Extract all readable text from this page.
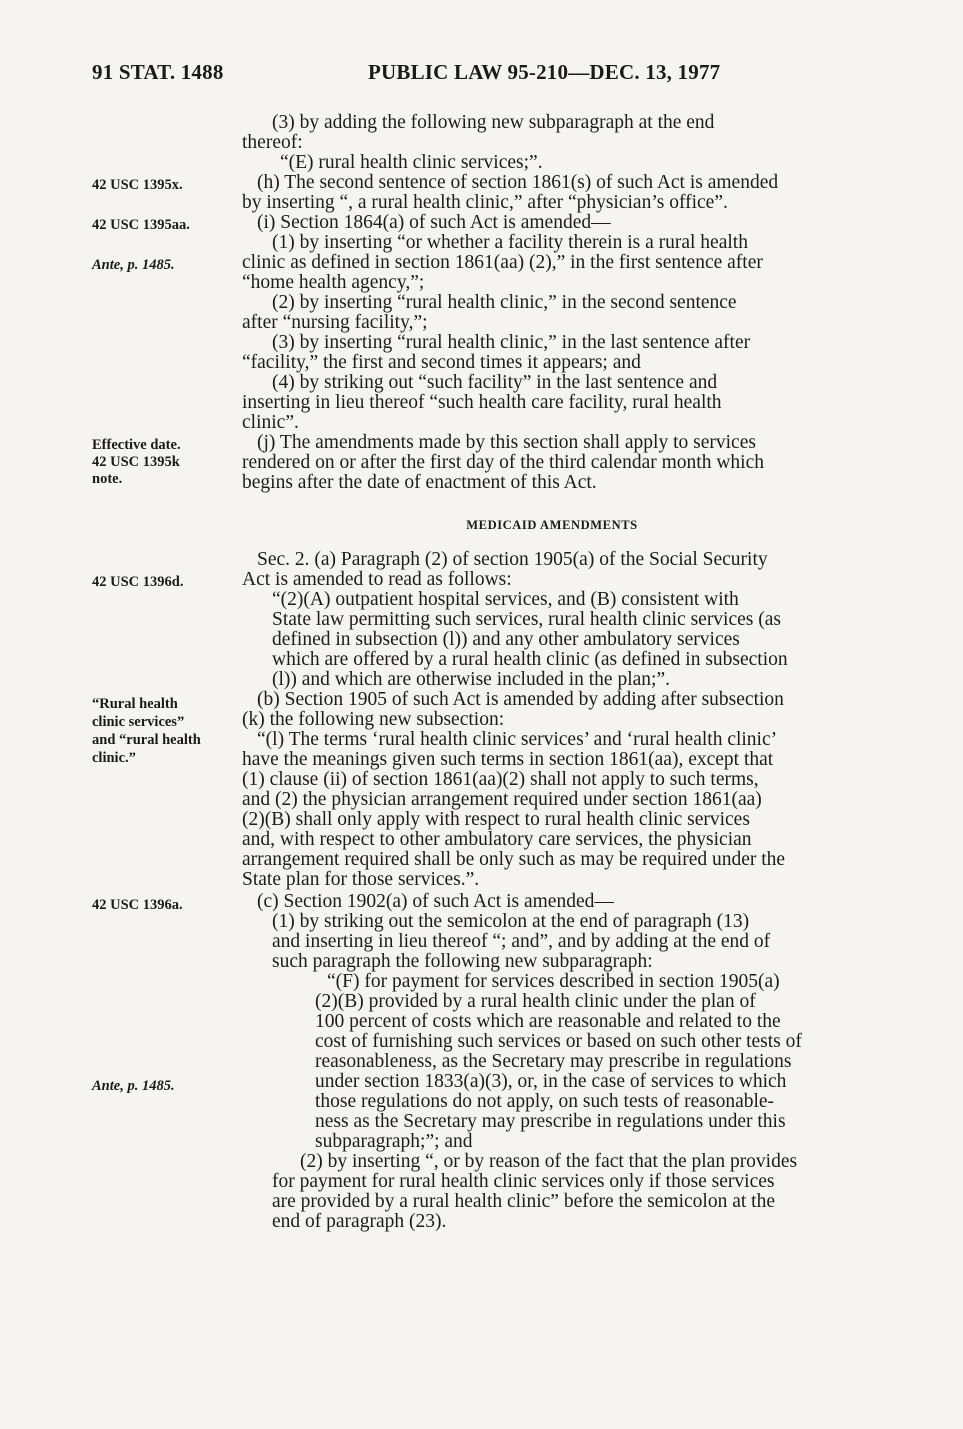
91 STAT. 1488	PUBLIC LAW 95-210—DEC. 13, 1977
42 USC 1395x.
42 USC 1395aa.
Ante, p. 1485.
Effective date.
42 USC 1395k
note.
42 USC 1396d.
“Rural health
clinic services”
and “rural health
clinic.”
42 USC 1396a.
Ante, p. 1485.
(3) by adding the following new subparagraph at the end
thereof:
“(E) rural health clinic services;”.
(h) The second sentence of section 1861(s) of such Act is amended
by inserting “, a rural health clinic,” after “physician’s office”.
(i) Section 1864(a) of such Act is amended—
(1) by inserting “or whether a facility therein is a rural health
clinic as defined in section 1861(aa) (2),” in the first sentence after
“home health agency,”;
(2) by inserting “rural health clinic,” in the second sentence
after “nursing facility,”;
(3) by inserting “rural health clinic,” in the last sentence after
“facility,” the first and second times it appears; and
(4) by striking out “such facility” in the last sentence and
inserting in lieu thereof “such health care facility, rural health
clinic”.
(j) The amendments made by this section shall apply to services
rendered on or after the first day of the third calendar month which
begins after the date of enactment of this Act.
MEDICAID AMENDMENTS
Sec. 2. (a) Paragraph (2) of section 1905(a) of the Social Security
Act is amended to read as follows:
“(2)(A) outpatient hospital services, and (B) consistent with
State law permitting such services, rural health clinic services (as
defined in subsection (l)) and any other ambulatory services
which are offered by a rural health clinic (as defined in subsection
(l)) and which are otherwise included in the plan;”.
(b) Section 1905 of such Act is amended by adding after subsection
(k) the following new subsection:
“(l) The terms ‘rural health clinic services’ and ‘rural health clinic’
have the meanings given such terms in section 1861(aa), except that
(1) clause (ii) of section 1861(aa)(2) shall not apply to such terms,
and (2) the physician arrangement required under section 1861(aa)
(2)(B) shall only apply with respect to rural health clinic services
and, with respect to other ambulatory care services, the physician
arrangement required shall be only such as may be required under the
State plan for those services.”.
(c) Section 1902(a) of such Act is amended—
(1) by striking out the semicolon at the end of paragraph (13)
and inserting in lieu thereof “; and”, and by adding at the end of
such paragraph the following new subparagraph:
“(F) for payment for services described in section 1905(a)
(2)(B) provided by a rural health clinic under the plan of
100 percent of costs which are reasonable and related to the
cost of furnishing such services or based on such other tests of
reasonableness, as the Secretary may prescribe in regulations
under section 1833(a)(3), or, in the case of services to which
those regulations do not apply, on such tests of reasonable-
ness as the Secretary may prescribe in regulations under this
subparagraph;”; and
(2) by inserting “, or by reason of the fact that the plan provides
for payment for rural health clinic services only if those services
are provided by a rural health clinic” before the semicolon at the
end of paragraph (23).
